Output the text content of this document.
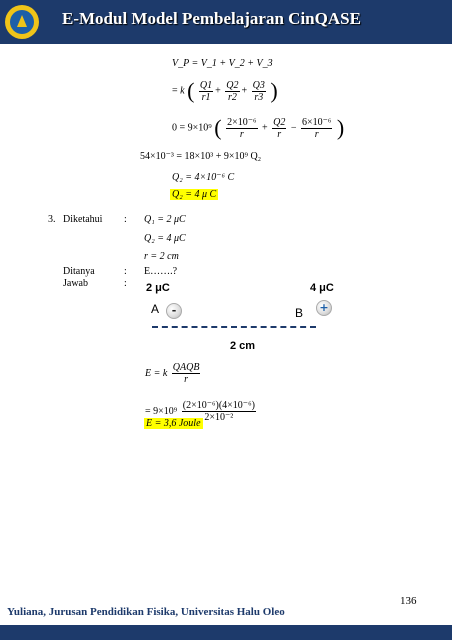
E-Modul Model Pembelajaran CinQASE
V_P = V_1 + V_2 + V_3
= k ( $\frac{Q1}{r1} + \frac{Q2}{r2} + \frac{Q3}{r3}$ )
0 = 9×10⁹ ( $\frac{\text{2×10⁻⁶}}{r} + \frac{Q2}{r} - \frac{\text{6×10⁻⁶}}{r}$ )
54×10⁻³ = 18×10³ + 9×10⁹ Q₂
Q₂ = 4×10⁻⁶ C
Q₂ = 4 μ C
3. Diketahui : Q₁ = 2 μC
Q₂ = 4 μC
r = 2 cm
Ditanya	: E…….?
Jawab	: 2 μC	4 μC
A	-	+
B
2 cm
E = k $\frac{\text{QAQB}}{r}$
= $9\times 10^9 \frac{\text{(2×10⁻⁶)(4×10⁻⁶)}}{\text{2×10⁻²}}$
E = 3,6 Joule
136
Yuliana, Jurusan Pendidikan Fisika, Universitas Halu Oleo
